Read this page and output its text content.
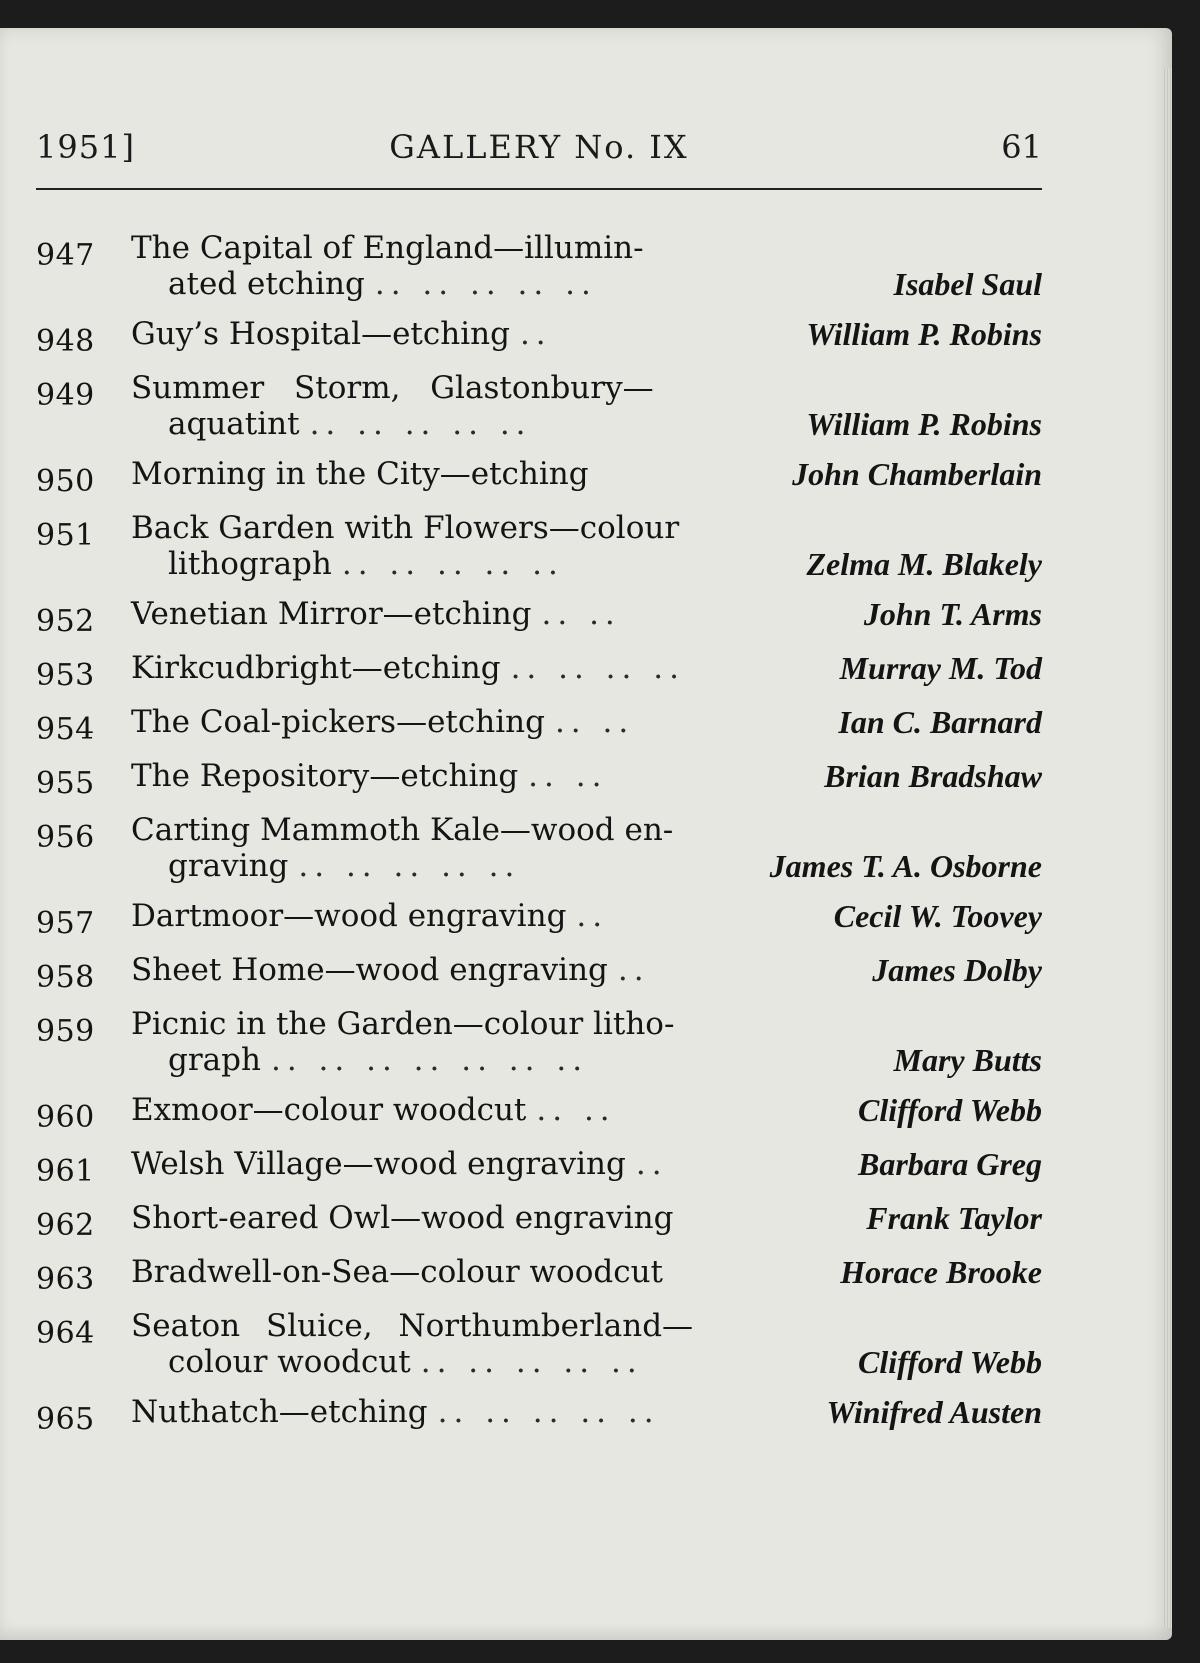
1951]	GALLERY No. IX	61
947	The Capital of England—illumin-
ated etching .. .. .. .. ..	Isabel Saul
948	Guy’s Hospital—etching ..	William P. Robins
949	Summer Storm, Glastonbury—
aquatint .. .. .. .. ..	William P. Robins
950	Morning in the City—etching	John Chamberlain
951	Back Garden with Flowers—colour
lithograph .. .. .. .. ..	Zelma M. Blakely
952	Venetian Mirror—etching .. ..	John T. Arms
953	Kirkcudbright—etching .. .. .. ..	Murray M. Tod
954	The Coal-pickers—etching .. ..	Ian C. Barnard
955	The Repository—etching .. ..	Brian Bradshaw
956	Carting Mammoth Kale—wood en-
graving .. .. .. .. ..	James T. A. Osborne
957	Dartmoor—wood engraving ..	Cecil W. Toovey
958	Sheet Home—wood engraving ..	James Dolby
959	Picnic in the Garden—colour litho-
graph .. .. .. .. .. .. ..	Mary Butts
960	Exmoor—colour woodcut .. ..	Clifford Webb
961	Welsh Village—wood engraving ..	Barbara Greg
962	Short-eared Owl—wood engraving	Frank Taylor
963	Bradwell-on-Sea—colour woodcut	Horace Brooke
964	Seaton Sluice, Northumberland—
colour woodcut .. .. .. .. ..	Clifford Webb
965	Nuthatch—etching .. .. .. .. ..	Winifred Austen
